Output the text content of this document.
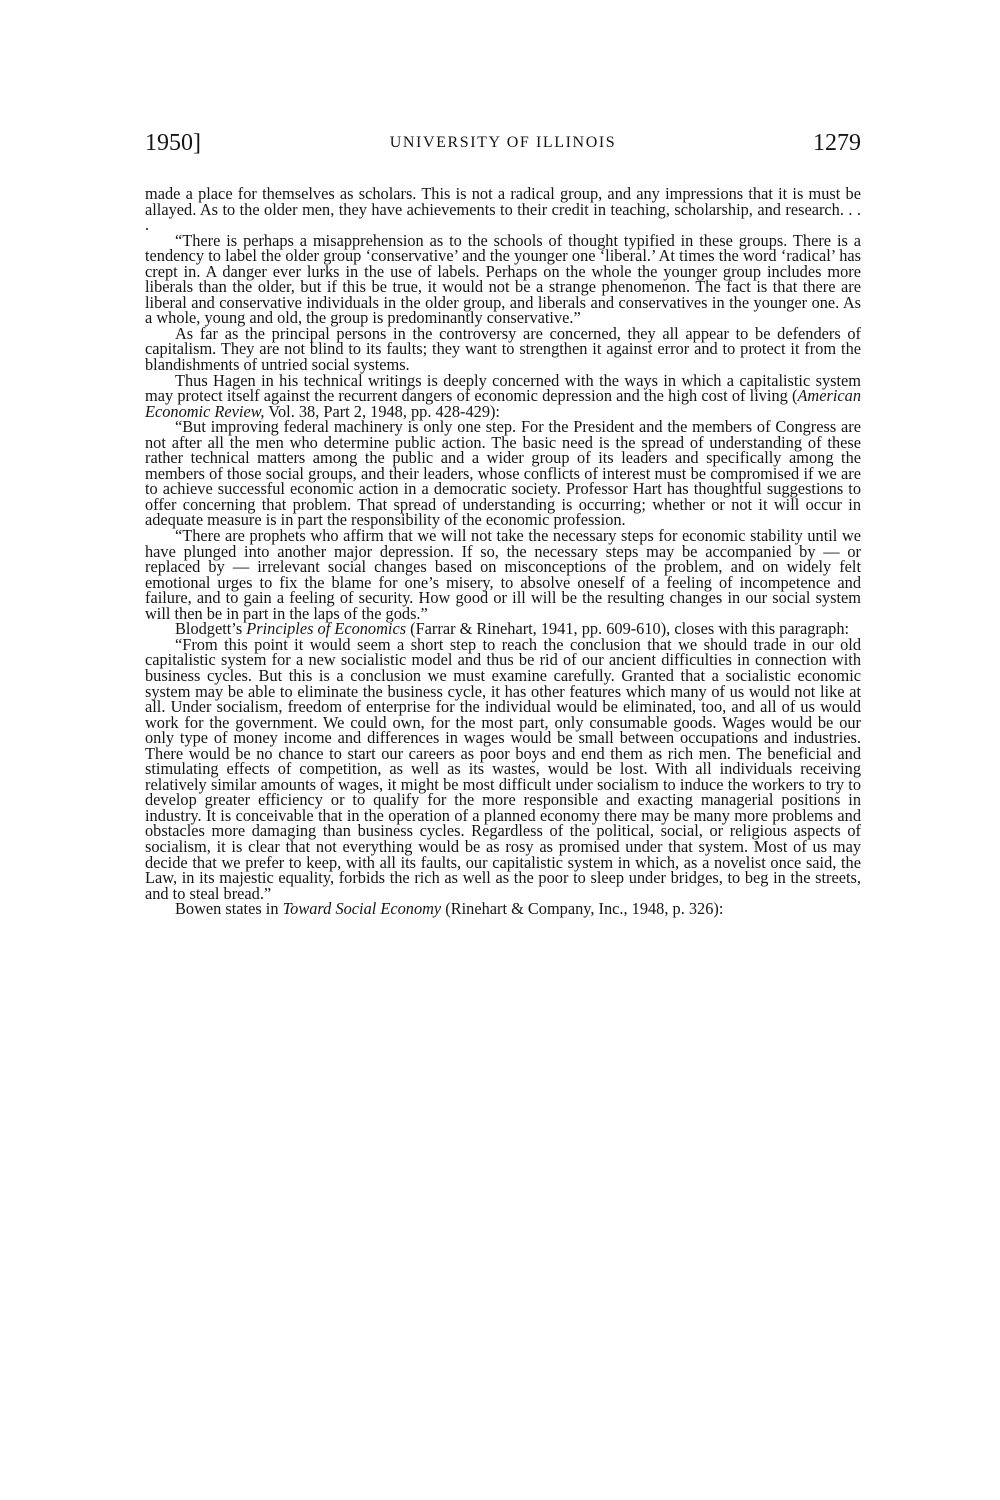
1950]	UNIVERSITY OF ILLINOIS	1279

made a place for themselves as scholars. This is not a radical group, and any impressions that it is must be allayed. As to the older men, they have achievements to their credit in teaching, scholarship, and research. . . .

“There is perhaps a misapprehension as to the schools of thought typified in these groups. There is a tendency to label the older group ‘conservative’ and the younger one ‘liberal.’ At times the word ‘radical’ has crept in. A danger ever lurks in the use of labels. Perhaps on the whole the younger group includes more liberals than the older, but if this be true, it would not be a strange phenomenon. The fact is that there are liberal and conservative individuals in the older group, and liberals and conservatives in the younger one. As a whole, young and old, the group is predominantly conservative.”

As far as the principal persons in the controversy are concerned, they all appear to be defenders of capitalism. They are not blind to its faults; they want to strengthen it against error and to protect it from the blandishments of untried social systems.

Thus Hagen in his technical writings is deeply concerned with the ways in which a capitalistic system may protect itself against the recurrent dangers of economic depression and the high cost of living (American Economic Review, Vol. 38, Part 2, 1948, pp. 428-429):

“But improving federal machinery is only one step. For the President and the members of Congress are not after all the men who determine public action. The basic need is the spread of understanding of these rather technical matters among the public and a wider group of its leaders and specifically among the members of those social groups, and their leaders, whose conflicts of interest must be compromised if we are to achieve successful economic action in a democratic society. Professor Hart has thoughtful suggestions to offer concerning that problem. That spread of understanding is occurring; whether or not it will occur in adequate measure is in part the responsibility of the economic profession.

“There are prophets who affirm that we will not take the necessary steps for economic stability until we have plunged into another major depression. If so, the necessary steps may be accompanied by — or replaced by — irrelevant social changes based on misconceptions of the problem, and on widely felt emotional urges to fix the blame for one’s misery, to absolve oneself of a feeling of incompetence and failure, and to gain a feeling of security. How good or ill will be the resulting changes in our social system will then be in part in the laps of the gods.”

Blodgett’s Principles of Economics (Farrar & Rinehart, 1941, pp. 609-610), closes with this paragraph:

“From this point it would seem a short step to reach the conclusion that we should trade in our old capitalistic system for a new socialistic model and thus be rid of our ancient difficulties in connection with business cycles. But this is a conclusion we must examine carefully. Granted that a socialistic economic system may be able to eliminate the business cycle, it has other features which many of us would not like at all. Under socialism, freedom of enterprise for the individual would be eliminated, too, and all of us would work for the government. We could own, for the most part, only consumable goods. Wages would be our only type of money income and differences in wages would be small between occupations and industries. There would be no chance to start our careers as poor boys and end them as rich men. The beneficial and stimulating effects of competition, as well as its wastes, would be lost. With all individuals receiving relatively similar amounts of wages, it might be most difficult under socialism to induce the workers to try to develop greater efficiency or to qualify for the more responsible and exacting managerial positions in industry. It is conceivable that in the operation of a planned economy there may be many more problems and obstacles more damaging than business cycles. Regardless of the political, social, or religious aspects of socialism, it is clear that not everything would be as rosy as promised under that system. Most of us may decide that we prefer to keep, with all its faults, our capitalistic system in which, as a novelist once said, the Law, in its majestic equality, forbids the rich as well as the poor to sleep under bridges, to beg in the streets, and to steal bread.”

Bowen states in Toward Social Economy (Rinehart & Company, Inc., 1948, p. 326):
